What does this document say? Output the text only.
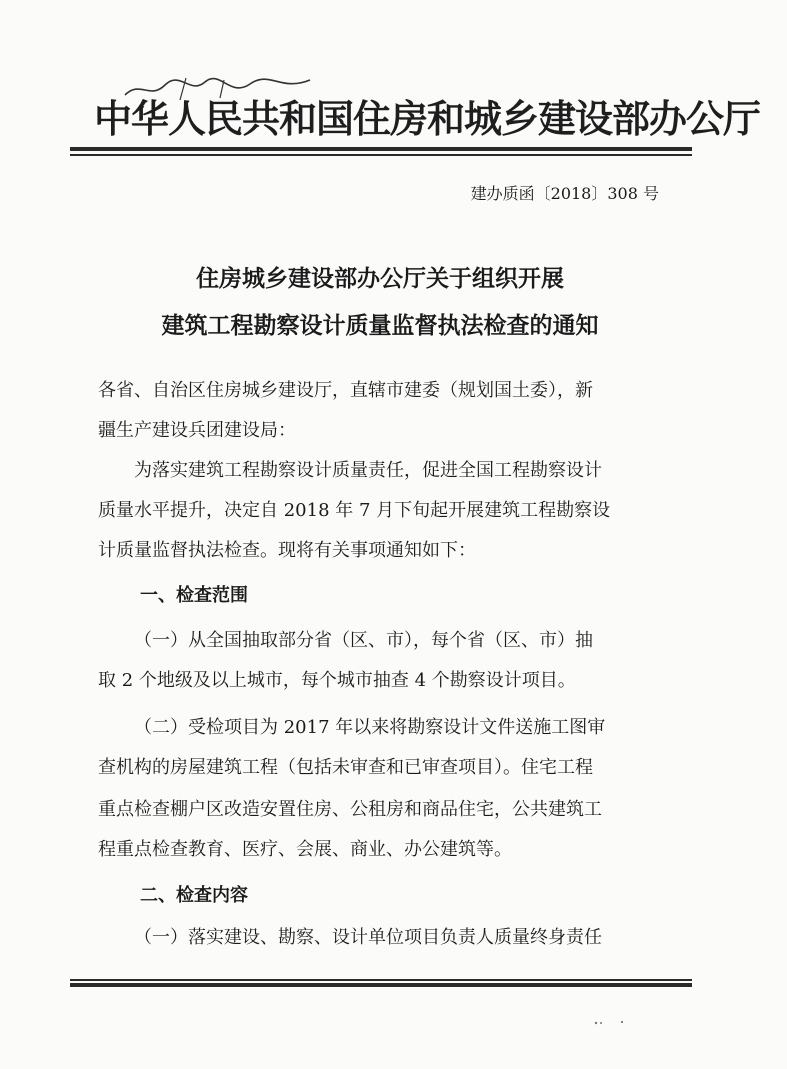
中华人民共和国住房和城乡建设部办公厅
建办质函〔2018〕308 号
住房城乡建设部办公厅关于组织开展
建筑工程勘察设计质量监督执法检查的通知
各省、自治区住房城乡建设厅，直辖市建委（规划国土委），新
疆生产建设兵团建设局：
为落实建筑工程勘察设计质量责任，促进全国工程勘察设计
质量水平提升，决定自 2018 年 7 月下旬起开展建筑工程勘察设
计质量监督执法检查。现将有关事项通知如下：
一、检查范围
（一）从全国抽取部分省（区、市），每个省（区、市）抽
取 2 个地级及以上城市，每个城市抽查 4 个勘察设计项目。
（二）受检项目为 2017 年以来将勘察设计文件送施工图审
查机构的房屋建筑工程（包括未审查和已审查项目）。住宅工程
重点检查棚户区改造安置住房、公租房和商品住宅，公共建筑工
程重点检查教育、医疗、会展、商业、办公建筑等。
二、检查内容
（一）落实建设、勘察、设计单位项目负责人质量终身责任
